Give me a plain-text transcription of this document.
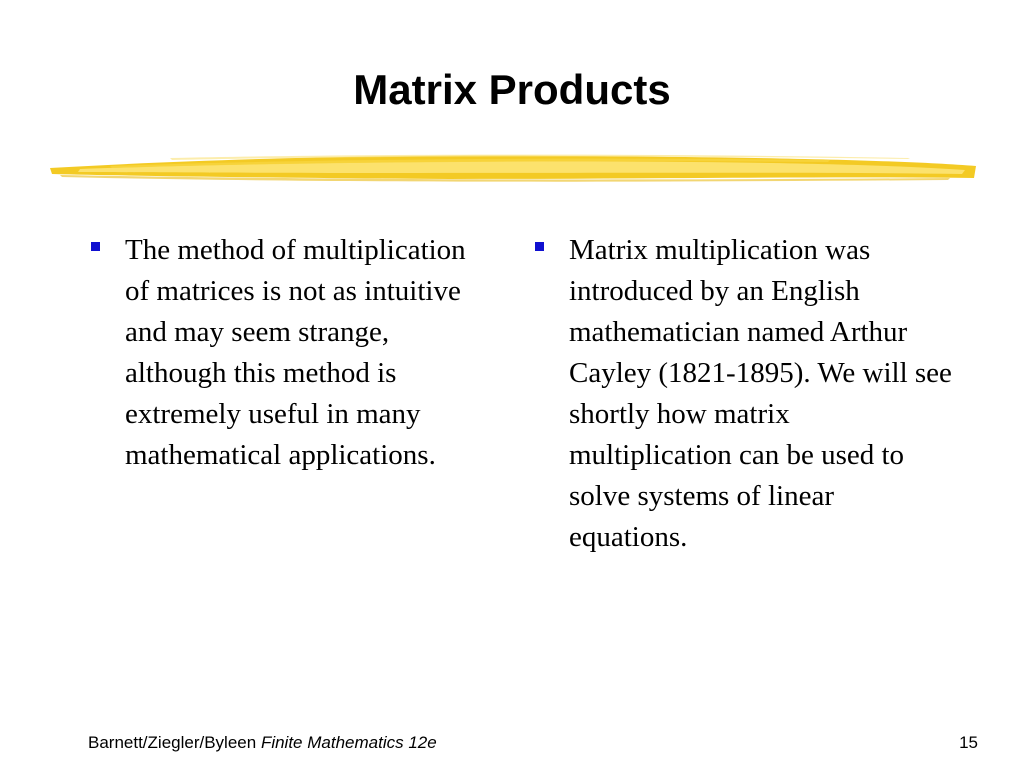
Matrix Products
The method of multiplication of matrices is not as intuitive and may seem strange, although this method is extremely useful in many mathematical applications.
Matrix multiplication was introduced by an English mathematician named Arthur Cayley (1821-1895). We will see shortly how matrix multiplication can be used to solve systems of linear equations.
Barnett/Ziegler/Byleen Finite Mathematics 12e	15
